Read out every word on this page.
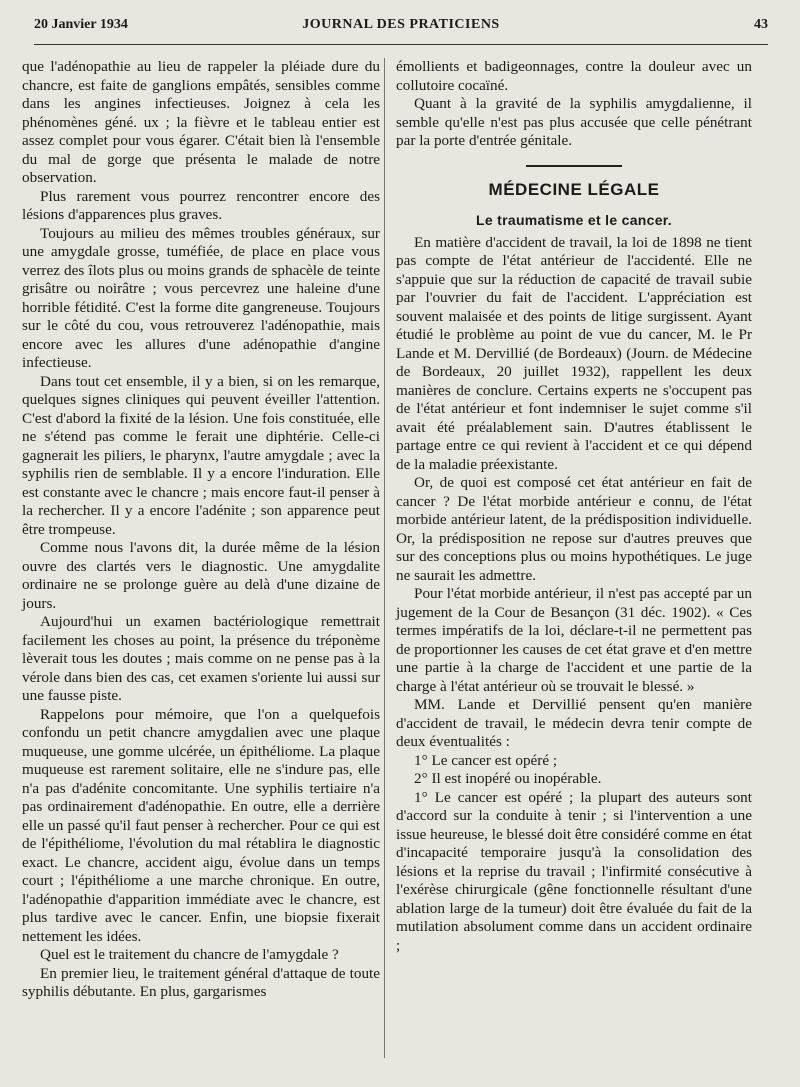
20 Janvier 1934	JOURNAL DES PRATICIENS	43

que l'adénopathie au lieu de rappeler la pléiade dure du chancre, est faite de ganglions empâtés, sensibles comme dans les angines infectieuses. Joignez à cela les phénomènes géné. ux ; la fièvre et le tableau entier est assez complet pour vous égarer. C'était bien là l'ensemble du mal de gorge que présenta le malade de notre observation.

Plus rarement vous pourrez rencontrer encore des lésions d'apparences plus graves.

Toujours au milieu des mêmes troubles généraux, sur une amygdale grosse, tuméfiée, de place en place vous verrez des îlots plus ou moins grands de sphacèle de teinte grisâtre ou noirâtre ; vous percevrez une haleine d'une horrible fétidité. C'est la forme dite gangreneuse. Toujours sur le côté du cou, vous retrouverez l'adénopathie, mais encore avec les allures d'une adénopathie d'angine infectieuse.

Dans tout cet ensemble, il y a bien, si on les remarque, quelques signes cliniques qui peuvent éveiller l'attention. C'est d'abord la fixité de la lésion. Une fois constituée, elle ne s'étend pas comme le ferait une diphtérie. Celle-ci gagnerait les piliers, le pharynx, l'autre amygdale ; avec la syphilis rien de semblable. Il y a encore l'induration. Elle est constante avec le chancre ; mais encore faut-il penser à la rechercher. Il y a encore l'adénite ; son apparence peut être trompeuse.

Comme nous l'avons dit, la durée même de la lésion ouvre des clartés vers le diagnostic. Une amygdalite ordinaire ne se prolonge guère au delà d'une dizaine de jours.

Aujourd'hui un examen bactériologique remettrait facilement les choses au point, la présence du tréponème lèverait tous les doutes ; mais comme on ne pense pas à la vérole dans bien des cas, cet examen s'oriente lui aussi sur une fausse piste.

Rappelons pour mémoire, que l'on a quelquefois confondu un petit chancre amygdalien avec une plaque muqueuse, une gomme ulcérée, un épithéliome. La plaque muqueuse est rarement solitaire, elle ne s'indure pas, elle n'a pas d'adénite concomitante. Une syphilis tertiaire n'a pas ordinairement d'adénopathie. En outre, elle a derrière elle un passé qu'il faut penser à rechercher. Pour ce qui est de l'épithéliome, l'évolution du mal rétablira le diagnostic exact. Le chancre, accident aigu, évolue dans un temps court ; l'épithéliome a une marche chronique. En outre, l'adénopathie d'apparition immédiate avec le chancre, est plus tardive avec le cancer. Enfin, une biopsie fixerait nettement les idées.

Quel est le traitement du chancre de l'amygdale ?

En premier lieu, le traitement général d'attaque de toute syphilis débutante. En plus, gargarismes

émollients et badigeonnages, contre la douleur avec un collutoire cocaïné.

Quant à la gravité de la syphilis amygdalienne, il semble qu'elle n'est pas plus accusée que celle pénétrant par la porte d'entrée génitale.

MÉDECINE LÉGALE
Le traumatisme et le cancer.

En matière d'accident de travail, la loi de 1898 ne tient pas compte de l'état antérieur de l'accidenté. Elle ne s'appuie que sur la réduction de capacité de travail subie par l'ouvrier du fait de l'accident. L'appréciation est souvent malaisée et des points de litige surgissent. Ayant étudié le problème au point de vue du cancer, M. le Pr Lande et M. Dervillié (de Bordeaux) (Journ. de Médecine de Bordeaux, 20 juillet 1932), rappellent les deux manières de conclure. Certains experts ne s'occupent pas de l'état antérieur et font indemniser le sujet comme s'il avait été préalablement sain. D'autres établissent le partage entre ce qui revient à l'accident et ce qui dépend de la maladie préexistante.

Or, de quoi est composé cet état antérieur en fait de cancer ? De l'état morbide antérieur e connu, de l'état morbide antérieur latent, de la prédisposition individuelle. Or, la prédisposition ne repose sur d'autres preuves que sur des conceptions plus ou moins hypothétiques. Le juge ne saurait les admettre.

Pour l'état morbide antérieur, il n'est pas accepté par un jugement de la Cour de Besançon (31 déc. 1902). « Ces termes impératifs de la loi, déclare-t-il ne permettent pas de proportionner les causes de cet état grave et d'en mettre une partie à la charge de l'accident et une partie de la charge à l'état antérieur où se trouvait le blessé. »

MM. Lande et Dervillié pensent qu'en manière d'accident de travail, le médecin devra tenir compte de deux éventualités :

1° Le cancer est opéré ;

2° Il est inopéré ou inopérable.

1° Le cancer est opéré ; la plupart des auteurs sont d'accord sur la conduite à tenir ; si l'intervention a une issue heureuse, le blessé doit être considéré comme en état d'incapacité temporaire jusqu'à la consolidation des lésions et la reprise du travail ; l'infirmité consécutive à l'exérèse chirurgicale (gêne fonctionnelle résultant d'une ablation large de la tumeur) doit être évaluée du fait de la mutilation absolument comme dans un accident ordinaire ;
